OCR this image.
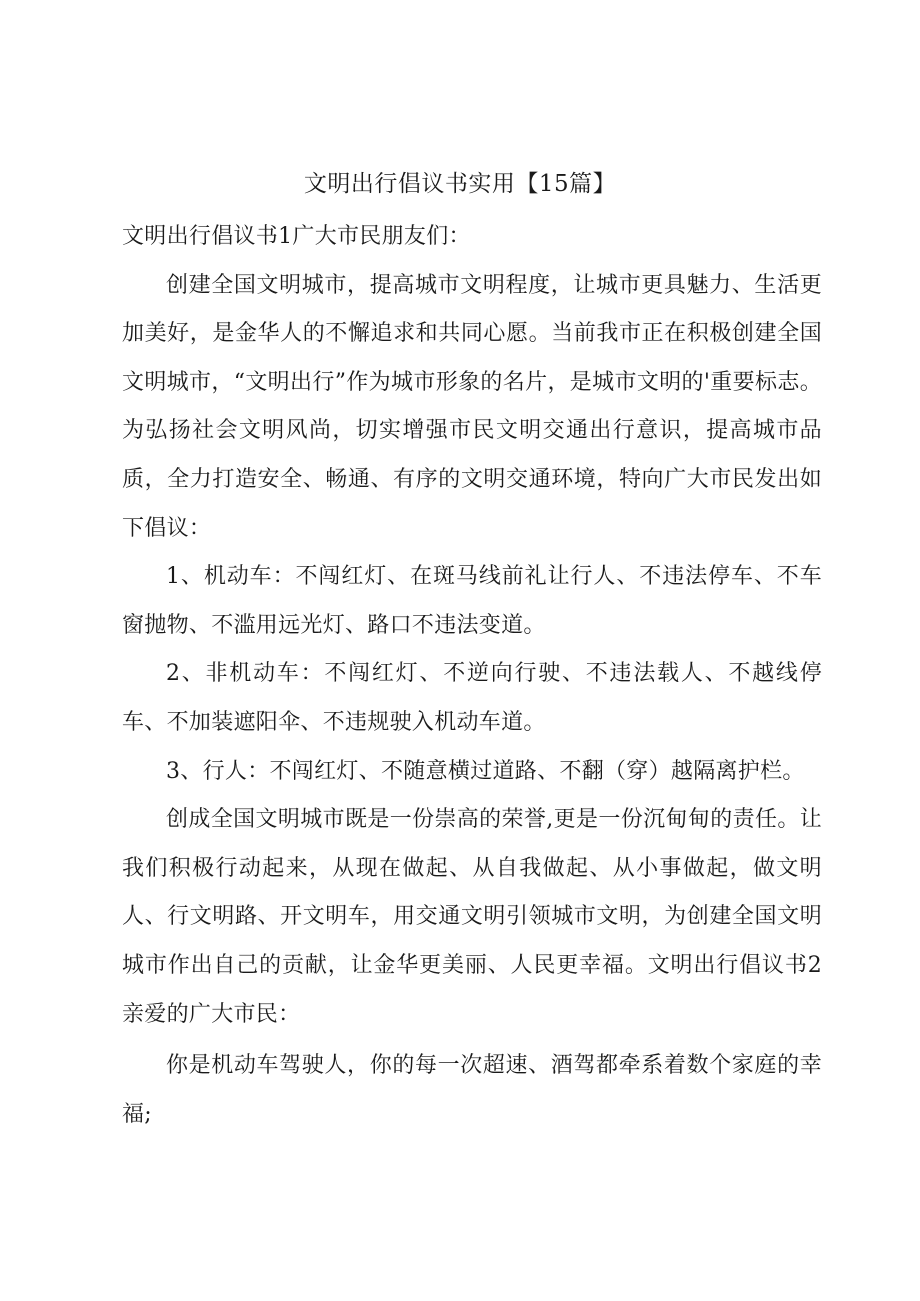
文明出行倡议书实用【15篇】

文明出行倡议书1广大市民朋友们：

创建全国文明城市，提高城市文明程度，让城市更具魅力、生活更加美好，是金华人的不懈追求和共同心愿。当前我市正在积极创建全国文明城市，“文明出行”作为城市形象的名片，是城市文明的'重要标志。为弘扬社会文明风尚，切实增强市民文明交通出行意识，提高城市品质，全力打造安全、畅通、有序的文明交通环境，特向广大市民发出如下倡议：

1、机动车：不闯红灯、在斑马线前礼让行人、不违法停车、不车窗抛物、不滥用远光灯、路口不违法变道。

2、非机动车：不闯红灯、不逆向行驶、不违法载人、不越线停车、不加装遮阳伞、不违规驶入机动车道。

3、行人：不闯红灯、不随意横过道路、不翻（穿）越隔离护栏。

创成全国文明城市既是一份崇高的荣誉,更是一份沉甸甸的责任。让我们积极行动起来，从现在做起、从自我做起、从小事做起，做文明人、行文明路、开文明车，用交通文明引领城市文明，为创建全国文明城市作出自己的贡献，让金华更美丽、人民更幸福。文明出行倡议书2亲爱的广大市民：

你是机动车驾驶人，你的每一次超速、酒驾都牵系着数个家庭的幸福;
